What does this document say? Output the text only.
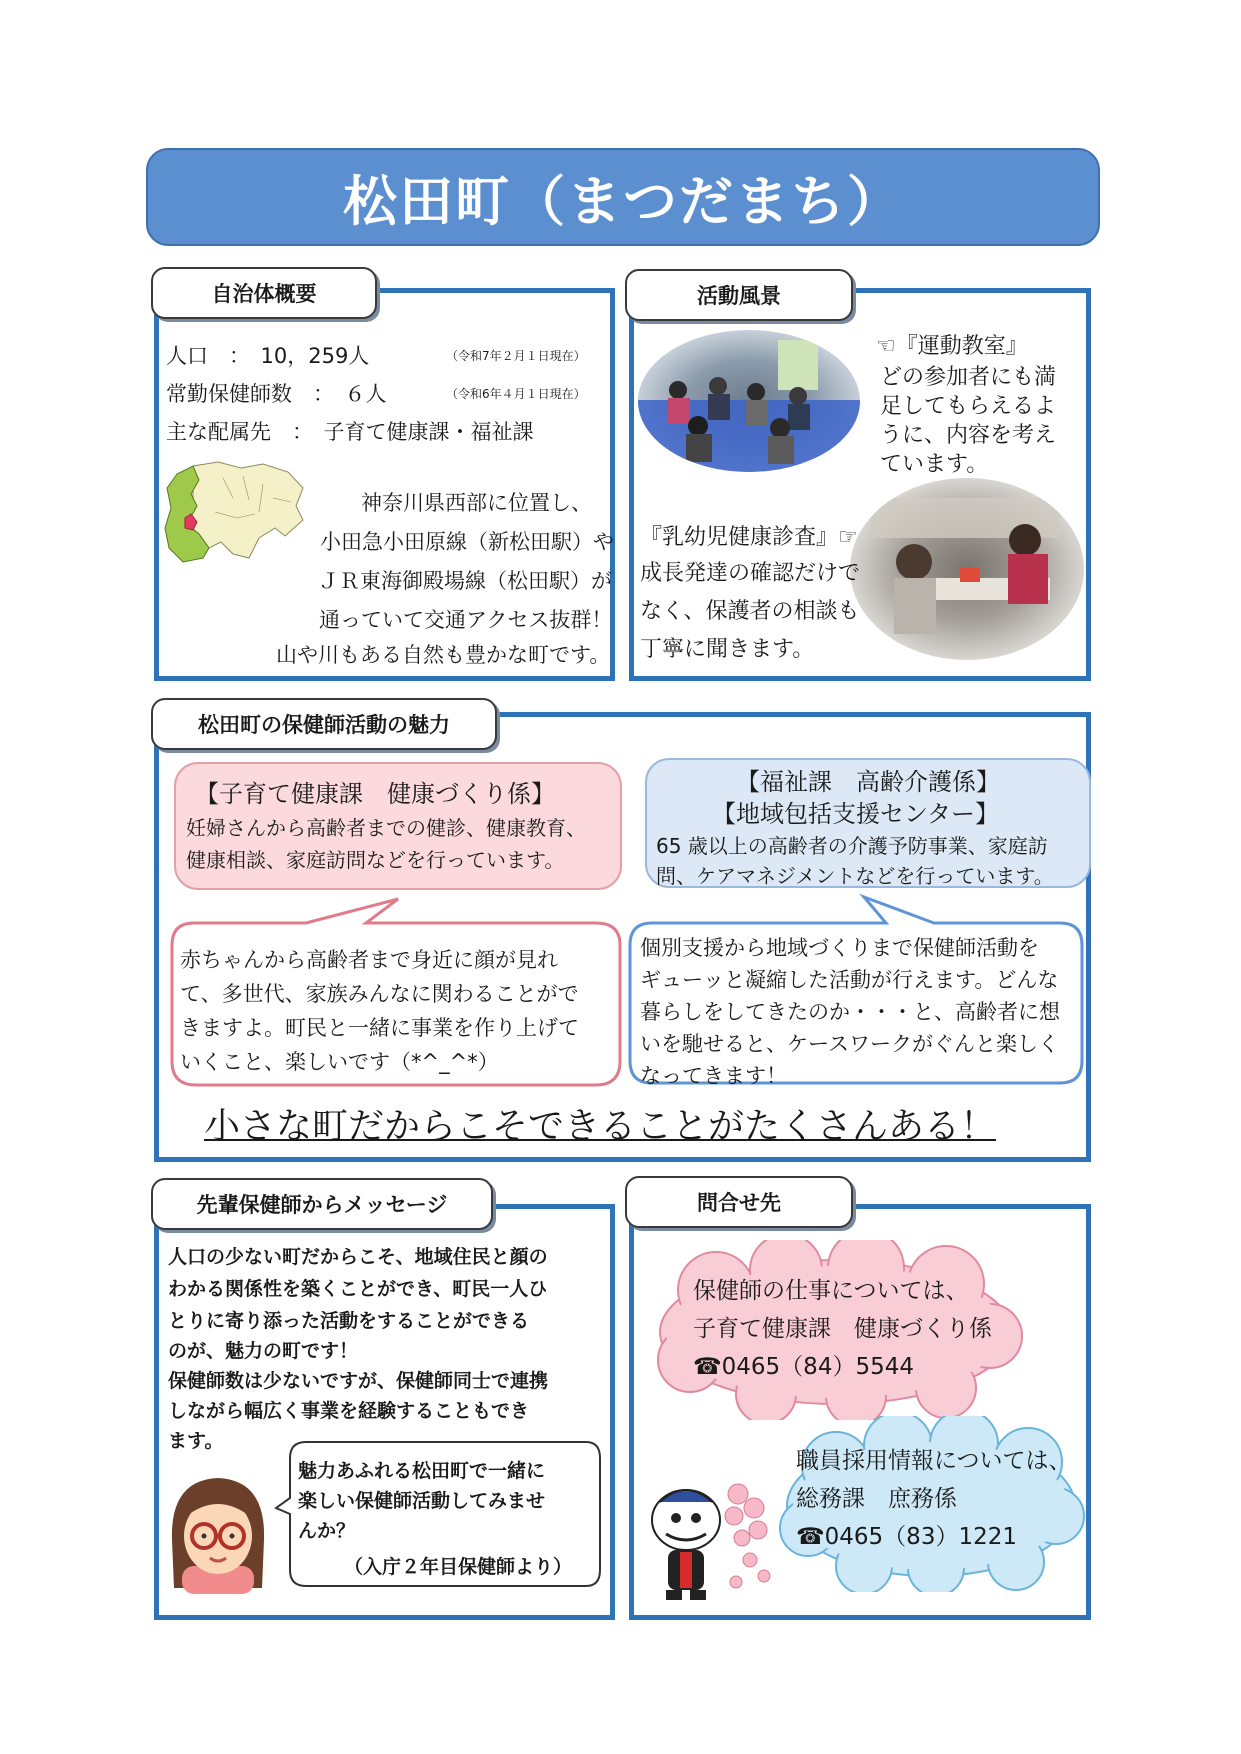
松田町（まつだまち）
自治体概要
人口　：　10，259人	（令和7年２月１日現在）
常勤保健師数　：　６人	（令和6年４月１日現在）
主な配属先　：　子育て健康課・福祉課
神奈川県西部に位置し、
小田急小田原線（新松田駅）や
ＪＲ東海御殿場線（松田駅）が
通っていて交通アクセス抜群！
山や川もある自然も豊かな町です。
活動風景
☜『運動教室』
どの参加者にも満
足してもらえるよ
うに、内容を考え
ています。
『乳幼児健康診査』☞
成長発達の確認だけで
なく、保護者の相談も
丁寧に聞きます。
松田町の保健師活動の魅力
【子育て健康課　健康づくり係】
妊婦さんから高齢者までの健診、健康教育、
健康相談、家庭訪問などを行っています。
【福祉課　高齢介護係】
【地域包括支援センター】
65 歳以上の高齢者の介護予防事業、家庭訪
問、ケアマネジメントなどを行っています。
赤ちゃんから高齢者まで身近に顔が見れ
て、多世代、家族みんなに関わることがで
きますよ。町民と一緒に事業を作り上げて
いくこと、楽しいです（*^_^*）
個別支援から地域づくりまで保健師活動を
ギューッと凝縮した活動が行えます。どんな
暮らしをしてきたのか・・・と、高齢者に想
いを馳せると、ケースワークがぐんと楽しく
なってきます！
小さな町だからこそできることがたくさんある！
先輩保健師からメッセージ
人口の少ない町だからこそ、地域住民と顔の
わかる関係性を築くことができ、町民一人ひ
とりに寄り添った活動をすることができる
のが、魅力の町です！
保健師数は少ないですが、保健師同士で連携
しながら幅広く事業を経験することもでき
ます。
魅力あふれる松田町で一緒に
楽しい保健師活動してみませ
んか？
（入庁２年目保健師より）
問合せ先
保健師の仕事については、
子育て健康課　健康づくり係
☎0465（84）5544
職員採用情報については、
総務課　庶務係
☎0465（83）1221
